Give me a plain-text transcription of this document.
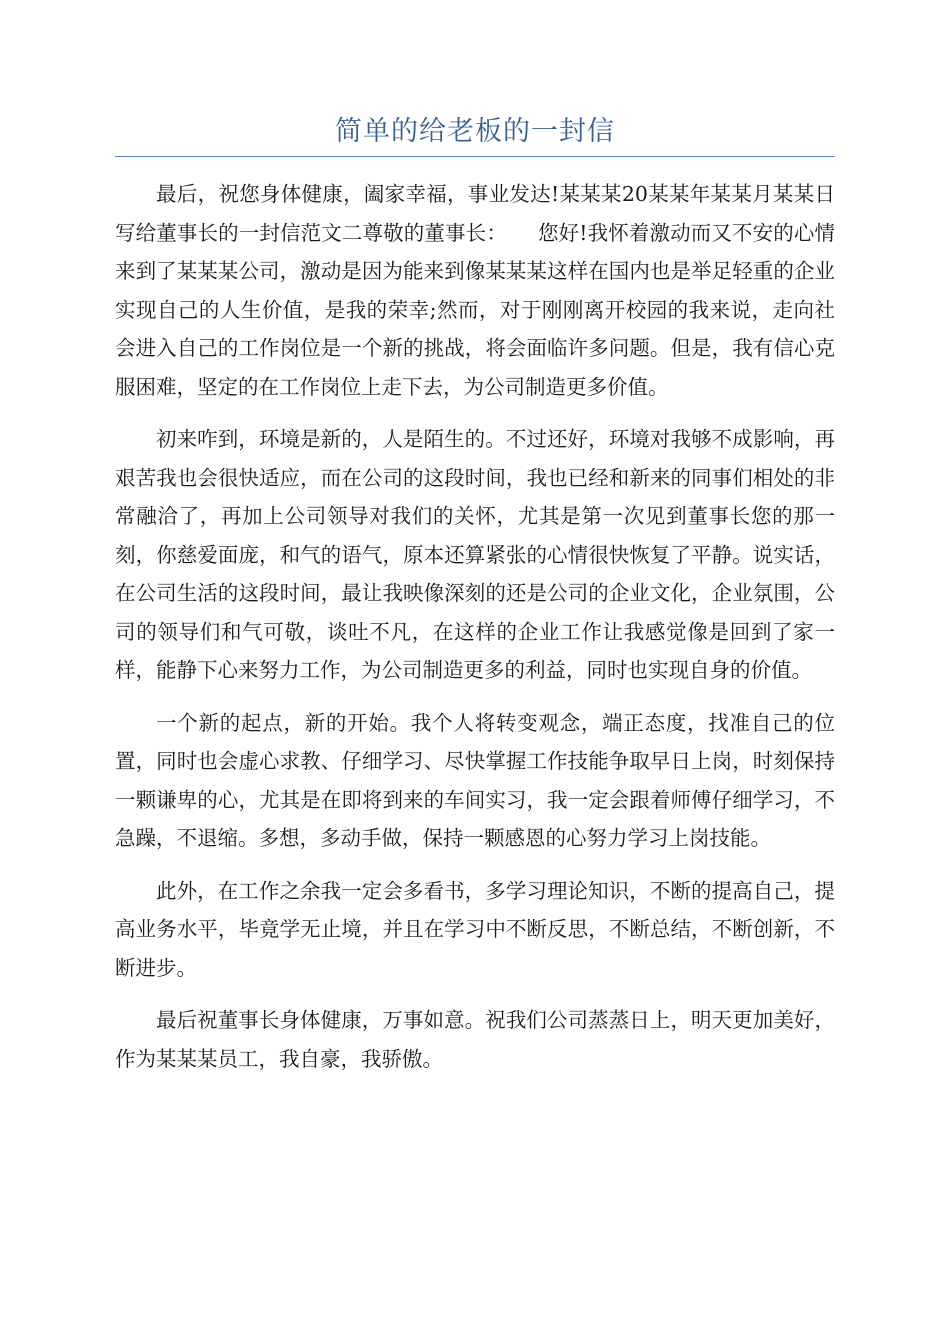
简单的给老板的一封信

最后，祝您身体健康，阖家幸福，事业发达!某某某20某某年某某月某某日写给董事长的一封信范文二尊敬的董事长：　　您好!我怀着激动而又不安的心情来到了某某某公司，激动是因为能来到像某某某这样在国内也是举足轻重的企业实现自己的人生价值，是我的荣幸;然而，对于刚刚离开校园的我来说，走向社会进入自己的工作岗位是一个新的挑战，将会面临许多问题。但是，我有信心克服困难，坚定的在工作岗位上走下去，为公司制造更多价值。

初来咋到，环境是新的，人是陌生的。不过还好，环境对我够不成影响，再艰苦我也会很快适应，而在公司的这段时间，我也已经和新来的同事们相处的非常融洽了，再加上公司领导对我们的关怀，尤其是第一次见到董事长您的那一刻，你慈爱面庞，和气的语气，原本还算紧张的心情很快恢复了平静。说实话，在公司生活的这段时间，最让我映像深刻的还是公司的企业文化，企业氛围，公司的领导们和气可敬，谈吐不凡，在这样的企业工作让我感觉像是回到了家一样，能静下心来努力工作，为公司制造更多的利益，同时也实现自身的价值。

一个新的起点，新的开始。我个人将转变观念，端正态度，找准自己的位置，同时也会虚心求教、仔细学习、尽快掌握工作技能争取早日上岗，时刻保持一颗谦卑的心，尤其是在即将到来的车间实习，我一定会跟着师傅仔细学习，不急躁，不退缩。多想，多动手做，保持一颗感恩的心努力学习上岗技能。

此外，在工作之余我一定会多看书，多学习理论知识，不断的提高自己，提高业务水平，毕竟学无止境，并且在学习中不断反思，不断总结，不断创新，不断进步。

最后祝董事长身体健康，万事如意。祝我们公司蒸蒸日上，明天更加美好，作为某某某员工，我自豪，我骄傲。
